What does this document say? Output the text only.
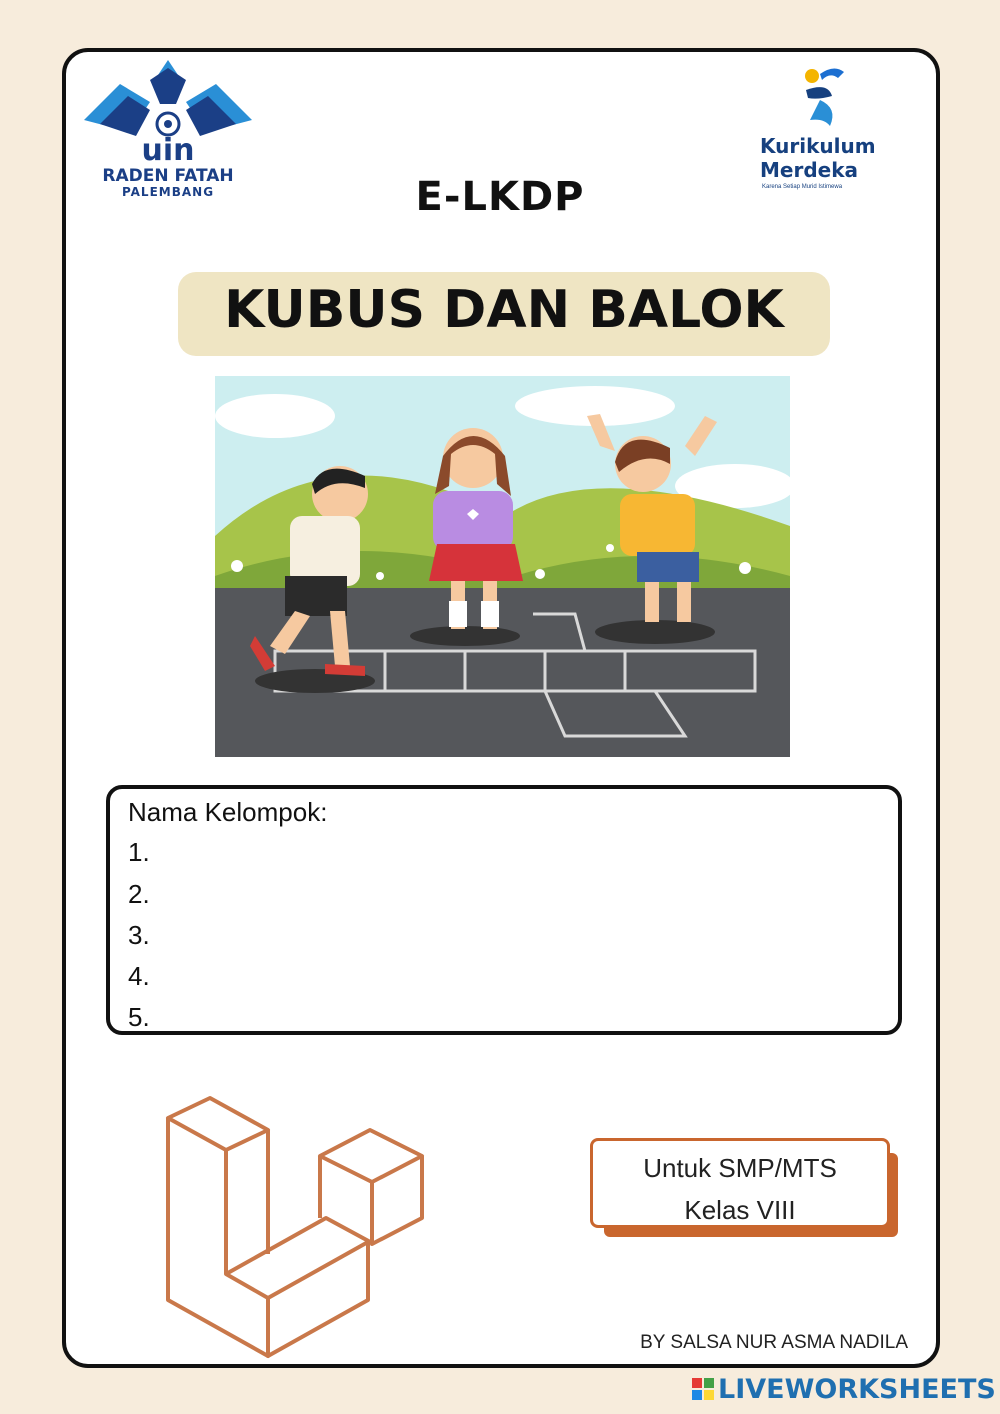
uin
RADEN FATAH
PALEMBANG
Kurikulum
Merdeka
Karena Setiap Murid Istimewa
E-LKDP
KUBUS DAN BALOK
Nama Kelompok:
1.
2.
3.
4.
5.
Untuk SMP/MTS
Kelas VIII
BY SALSA NUR ASMA NADILA
LIVEWORKSHEETS
